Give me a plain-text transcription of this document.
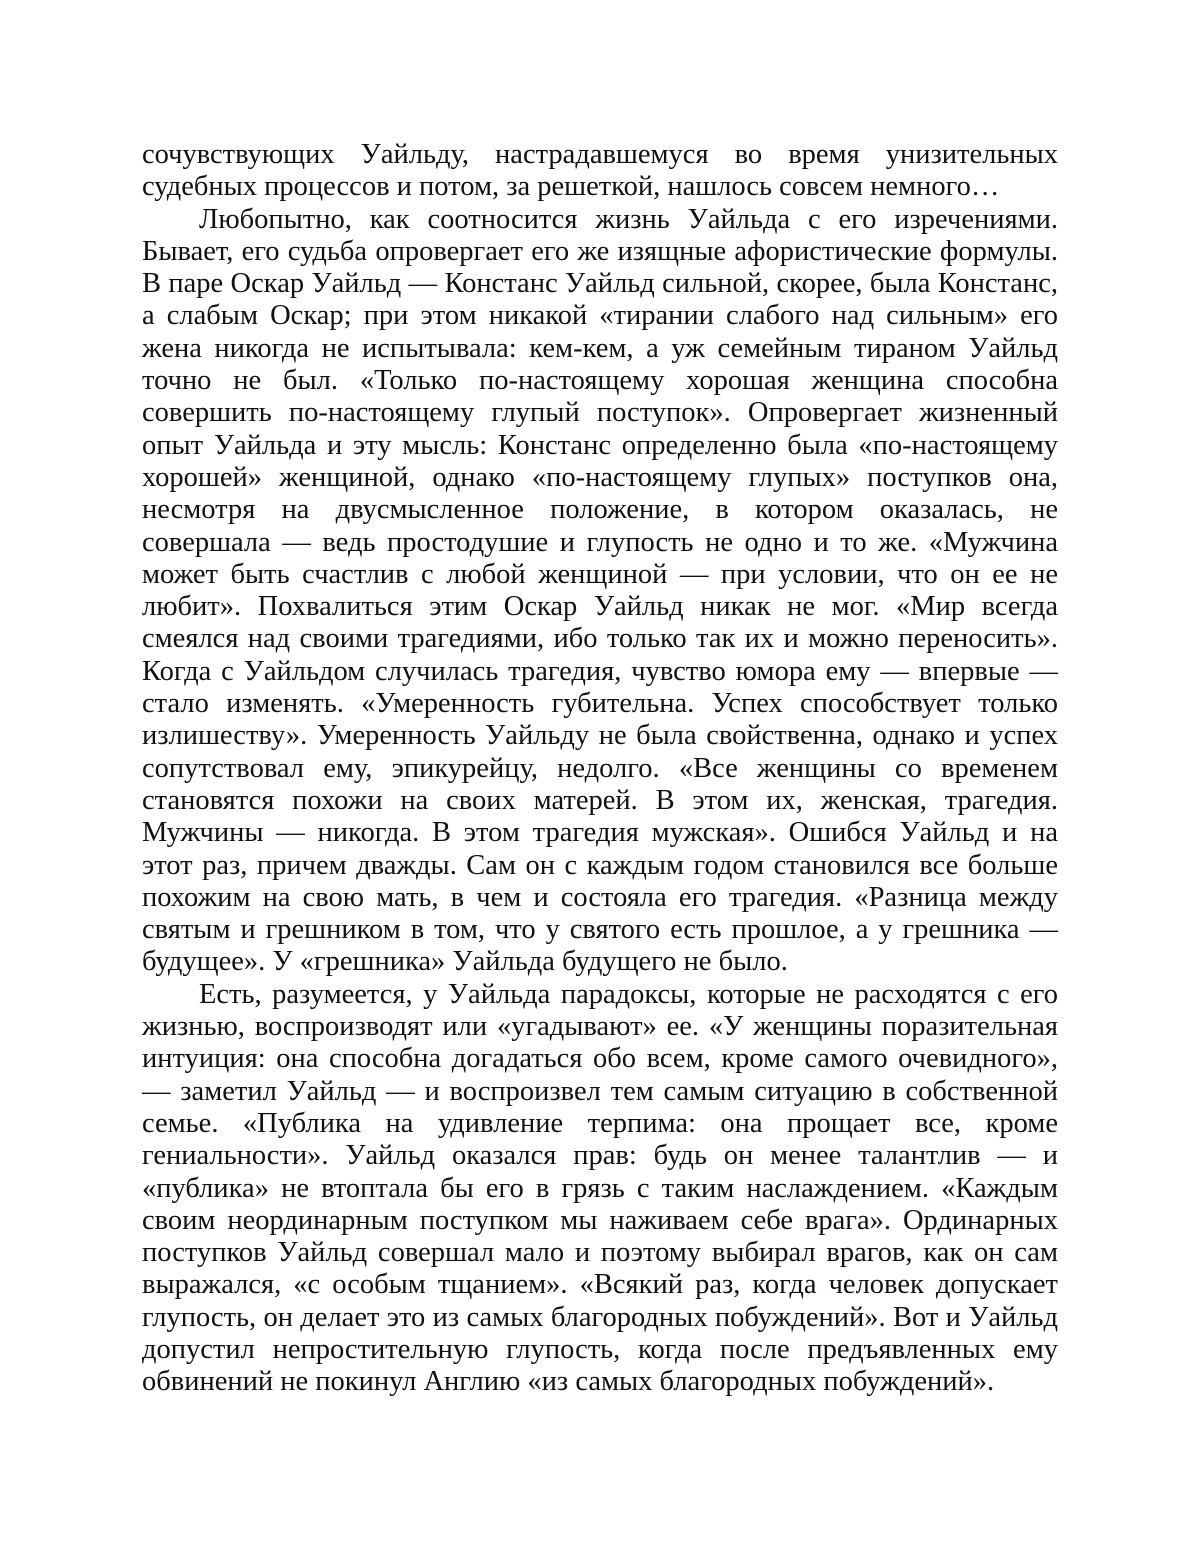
сочувствующих Уайльду, настрадавшемуся во время унизительных судебных процессов и потом, за решеткой, нашлось совсем немного…

Любопытно, как соотносится жизнь Уайльда с его изречениями. Бывает, его судьба опровергает его же изящные афористические формулы. В паре Оскар Уайльд — Констанс Уайльд сильной, скорее, была Констанс, а слабым Оскар; при этом никакой «тирании слабого над сильным» его жена никогда не испытывала: кем-кем, а уж семейным тираном Уайльд точно не был. «Только по-настоящему хорошая женщина способна совершить по-настоящему глупый поступок». Опровергает жизненный опыт Уайльда и эту мысль: Констанс определенно была «по-настоящему хорошей» женщиной, однако «по-настоящему глупых» поступков она, несмотря на двусмысленное положение, в котором оказалась, не совершала — ведь простодушие и глупость не одно и то же. «Мужчина может быть счастлив с любой женщиной — при условии, что он ее не любит». Похвалиться этим Оскар Уайльд никак не мог. «Мир всегда смеялся над своими трагедиями, ибо только так их и можно переносить». Когда с Уайльдом случилась трагедия, чувство юмора ему — впервые — стало изменять. «Умеренность губительна. Успех способствует только излишеству». Умеренность Уайльду не была свойственна, однако и успех сопутствовал ему, эпикурейцу, недолго. «Все женщины со временем становятся похожи на своих матерей. В этом их, женская, трагедия. Мужчины — никогда. В этом трагедия мужская». Ошибся Уайльд и на этот раз, причем дважды. Сам он с каждым годом становился все больше похожим на свою мать, в чем и состояла его трагедия. «Разница между святым и грешником в том, что у святого есть прошлое, а у грешника — будущее». У «грешника» Уайльда будущего не было.

Есть, разумеется, у Уайльда парадоксы, которые не расходятся с его жизнью, воспроизводят или «угадывают» ее. «У женщины поразительная интуиция: она способна догадаться обо всем, кроме самого очевидного», — заметил Уайльд — и воспроизвел тем самым ситуацию в собственной семье. «Публика на удивление терпима: она прощает все, кроме гениальности». Уайльд оказался прав: будь он менее талантлив — и «публика» не втоптала бы его в грязь с таким наслаждением. «Каждым своим неординарным поступком мы наживаем себе врага». Ординарных поступков Уайльд совершал мало и поэтому выбирал врагов, как он сам выражался, «с особым тщанием». «Всякий раз, когда человек допускает глупость, он делает это из самых благородных побуждений». Вот и Уайльд допустил непростительную глупость, когда после предъявленных ему обвинений не покинул Англию «из самых благородных побуждений».
